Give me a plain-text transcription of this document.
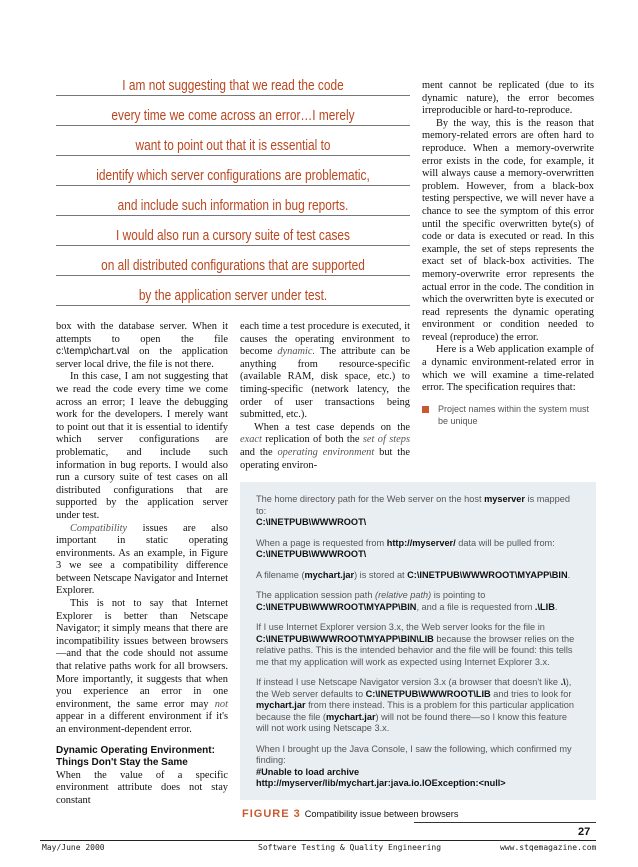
I am not suggesting that we read the code
every time we come across an error…I merely
want to point out that it is essential to
identify which server configurations are problematic,
and include such information in bug reports.
I would also run a cursory suite of test cases
on all distributed configurations that are supported
by the application server under test.

box with the database server. When it attempts to open the file c:\temp\chart.val on the application server local drive, the file is not there.

In this case, I am not suggesting that we read the code every time we come across an error; I leave the debugging work for the developers. I merely want to point out that it is essential to identify which server configurations are problematic, and include such information in bug reports. I would also run a cursory suite of test cases on all distributed configurations that are supported by the application server under test.

Compatibility issues are also important in static operating environments. As an example, in Figure 3 we see a compatibility difference between Netscape Navigator and Internet Explorer.

This is not to say that Internet Explorer is better than Netscape Navigator; it simply means that there are incompatibility issues between browsers—and that the code should not assume that relative paths work for all browsers. More importantly, it suggests that when you experience an error in one environment, the same error may not appear in a different environment if it's an environment-dependent error.

Dynamic Operating Environment: Things Don't Stay the Same

When the value of a specific environment attribute does not stay constant

each time a test procedure is executed, it causes the operating environment to become dynamic. The attribute can be anything from resource-specific (available RAM, disk space, etc.) to timing-specific (network latency, the order of user transactions being submitted, etc.).

When a test case depends on the exact replication of both the set of steps and the operating environment but the operating environ-

ment cannot be replicated (due to its dynamic nature), the error becomes irreproducible or hard-to-reproduce.

By the way, this is the reason that memory-related errors are often hard to reproduce. When a memory-overwrite error exists in the code, for example, it will always cause a memory-overwritten problem. However, from a black-box testing perspective, we will never have a chance to see the symptom of this error until the specific overwritten byte(s) of code or data is executed or read. In this example, the set of steps represents the exact set of black-box activities. The memory-overwrite error represents the actual error in the code. The condition in which the overwritten byte is executed or read represents the dynamic operating environment or condition needed to reveal (reproduce) the error.

Here is a Web application example of a dynamic environment-related error in which we will examine a time-related error. The specification requires that:

Project names within the system must be unique

The home directory path for the Web server on the host myserver is mapped to:
C:\INETPUB\WWWROOT\
When a page is requested from http://myserver/ data will be pulled from:
C:\INETPUB\WWWROOT\
A filename (mychart.jar) is stored at C:\INETPUB\WWWROOT\MYAPP\BIN.
The application session path (relative path) is pointing to
C:\INETPUB\WWWROOT\MYAPP\BIN, and a file is requested from .\LIB.
If I use Internet Explorer version 3.x, the Web server looks for the file in C:\INETPUB\WWWROOT\MYAPP\BIN\LIB because the browser relies on the relative paths. This is the intended behavior and the file will be found: this tells me that my application will work as expected using Internet Explorer 3.x.
If instead I use Netscape Navigator version 3.x (a browser that doesn't like .\), the Web server defaults to C:\INETPUB\WWWROOT\LIB and tries to look for mychart.jar from there instead. This is a problem for this particular application because the file (mychart.jar) will not be found there—so I know this feature will not work using Netscape 3.x.
When I brought up the Java Console, I saw the following, which confirmed my finding:
#Unable to load archive
http://myserver/lib/mychart.jar:java.io.IOException:<null>
FIGURE 3 Compatibility issue between browsers
27
May/June 2000	Software Testing & Quality Engineering	www.stqemagazine.com
